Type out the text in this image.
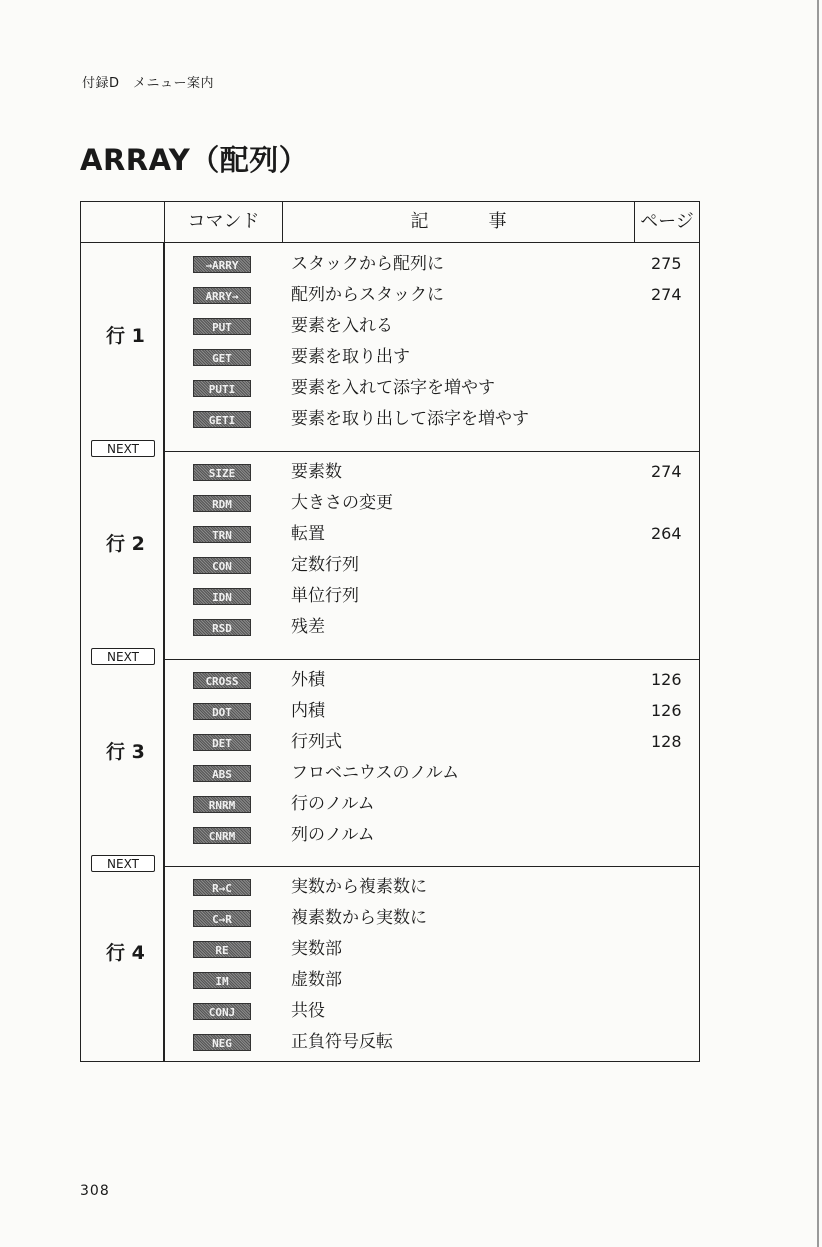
付録D　メニュー案内
ARRAY（配列）
コマンド	記事	ページ
行 1
→ARRY	スタックから配列に	275
ARRY→	配列からスタックに	274
PUT	要素を入れる
GET	要素を取り出す
PUTI	要素を入れて添字を増やす
GETI	要素を取り出して添字を増やす
NEXT
行 2
SIZE	要素数	274
RDM	大きさの変更
TRN	転置	264
CON	定数行列
IDN	単位行列
RSD	残差
NEXT
行 3
CROSS	外積	126
DOT	内積	126
DET	行列式	128
ABS	フロベニウスのノルム
RNRM	行のノルム
CNRM	列のノルム
NEXT
行 4
R→C	実数から複素数に
C→R	複素数から実数に
RE	実数部
IM	虚数部
CONJ	共役
NEG	正負符号反転
308
